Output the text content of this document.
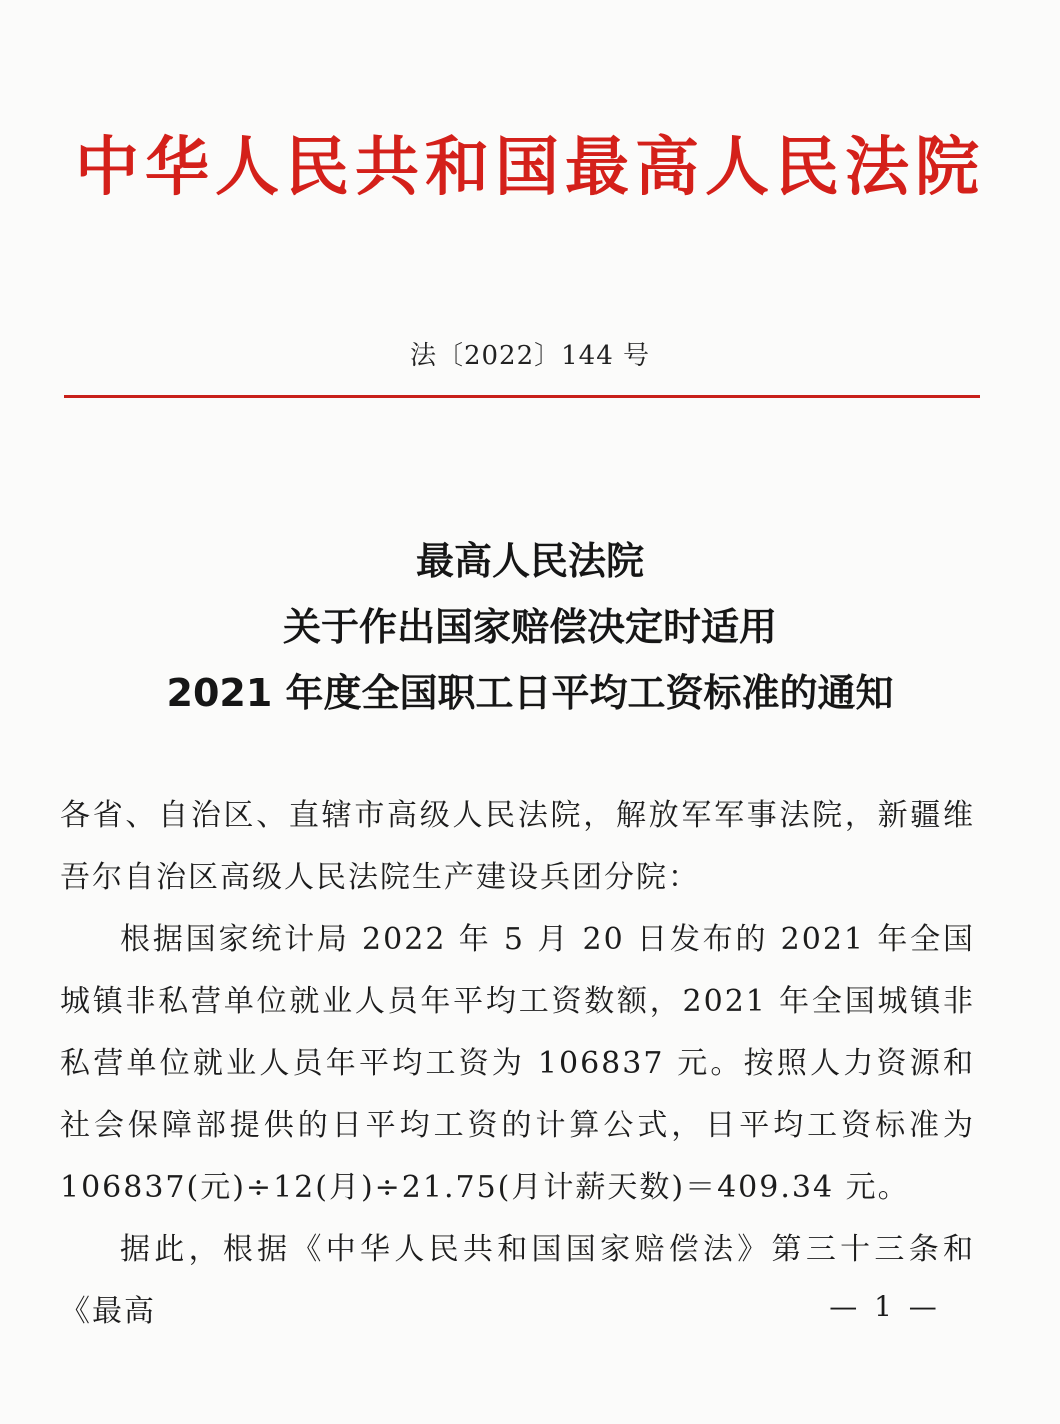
中华人民共和国最高人民法院
法〔2022〕144 号
最高人民法院
关于作出国家赔偿决定时适用
2021 年度全国职工日平均工资标准的通知

各省、自治区、直辖市高级人民法院，解放军军事法院，新疆维吾尔自治区高级人民法院生产建设兵团分院：

根据国家统计局 2022 年 5 月 20 日发布的 2021 年全国城镇非私营单位就业人员年平均工资数额，2021 年全国城镇非私营单位就业人员年平均工资为 106837 元。按照人力资源和社会保障部提供的日平均工资的计算公式，日平均工资标准为 106837(元)÷12(月)÷21.75(月计薪天数)＝409.34 元。

据此，根据《中华人民共和国国家赔偿法》第三十三条和《最高	— 1 —
